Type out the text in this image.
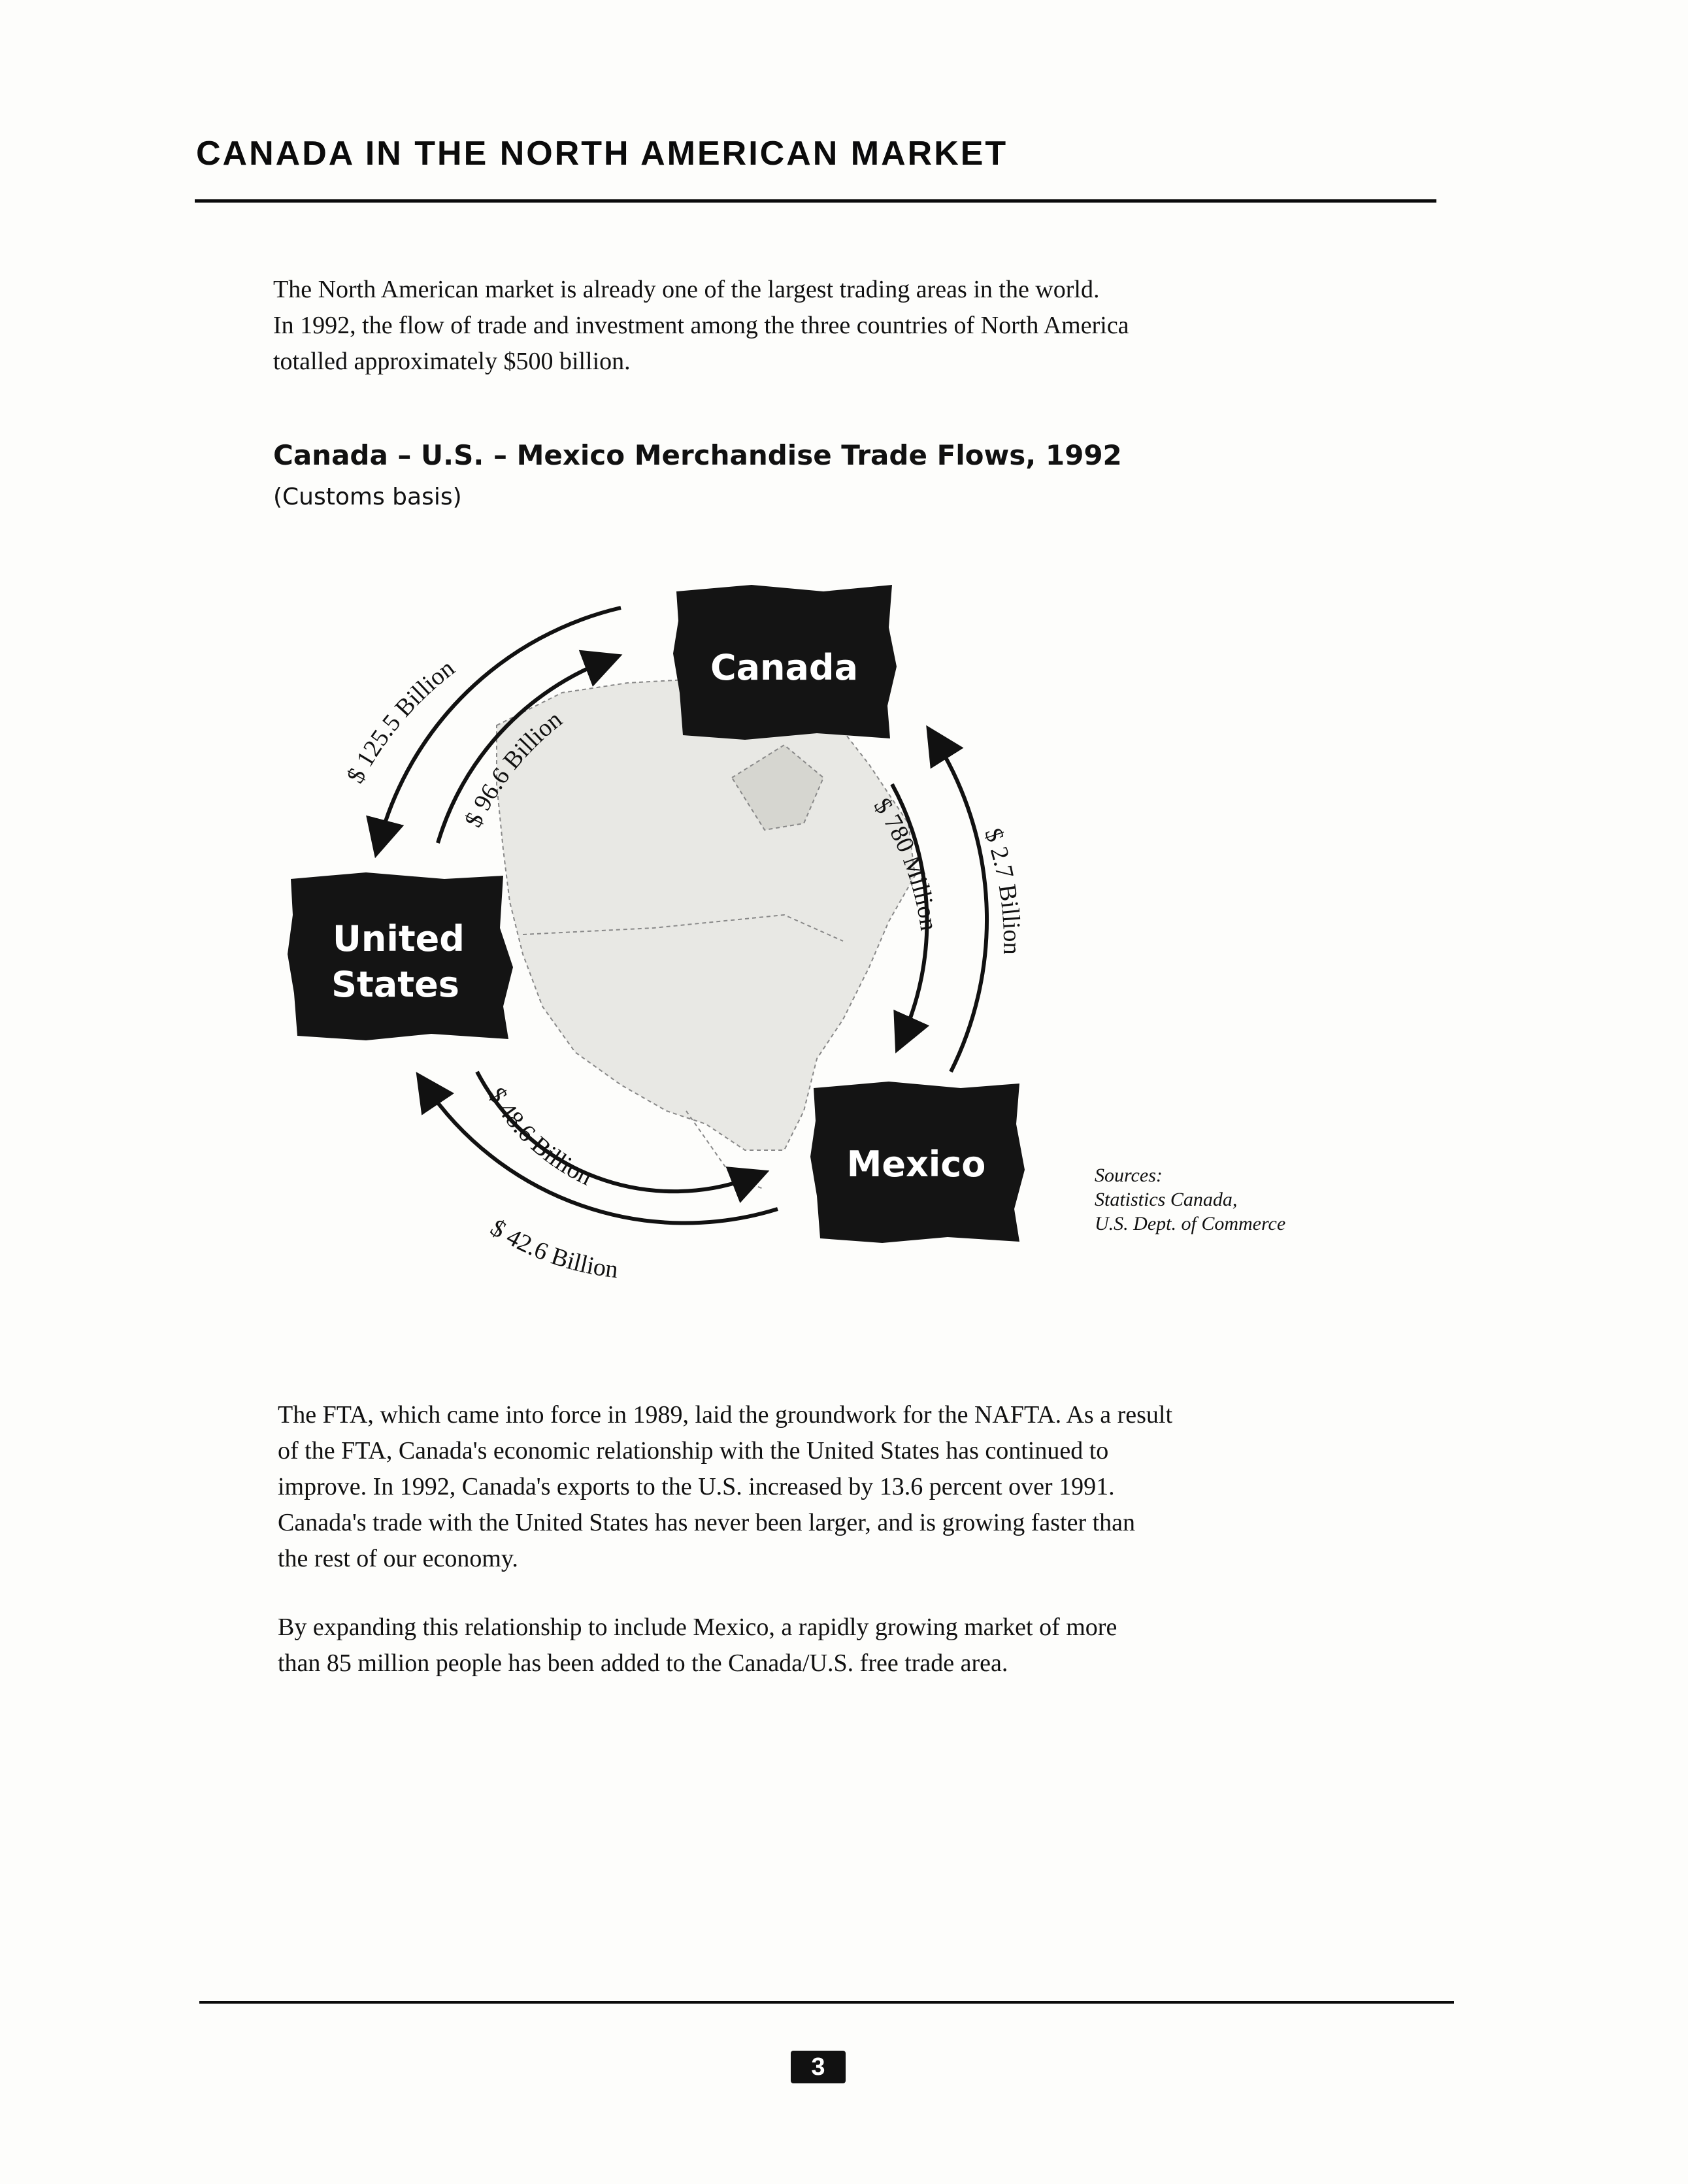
CANADA IN THE NORTH AMERICAN MARKET
The North American market is already one of the largest trading areas in the world.
In 1992, the flow of trade and investment among the three countries of North America
totalled approximately $500 billion.
Canada – U.S. – Mexico Merchandise Trade Flows, 1992
(Customs basis)
$ 125.5 Billion
$ 96.6 Billion
$ 780 Million
$ 2.7 Billion
$ 48.6 Billion
$ 42.6 Billion
Canada
United
States
Mexico	Sources:
Statistics Canada,
U.S. Dept. of Commerce
The FTA, which came into force in 1989, laid the groundwork for the NAFTA. As a result
of the FTA, Canada's economic relationship with the United States has continued to
improve. In 1992, Canada's exports to the U.S. increased by 13.6 percent over 1991.
Canada's trade with the United States has never been larger, and is growing faster than
the rest of our economy.
By expanding this relationship to include Mexico, a rapidly growing market of more
than 85 million people has been added to the Canada/U.S. free trade area.
3
